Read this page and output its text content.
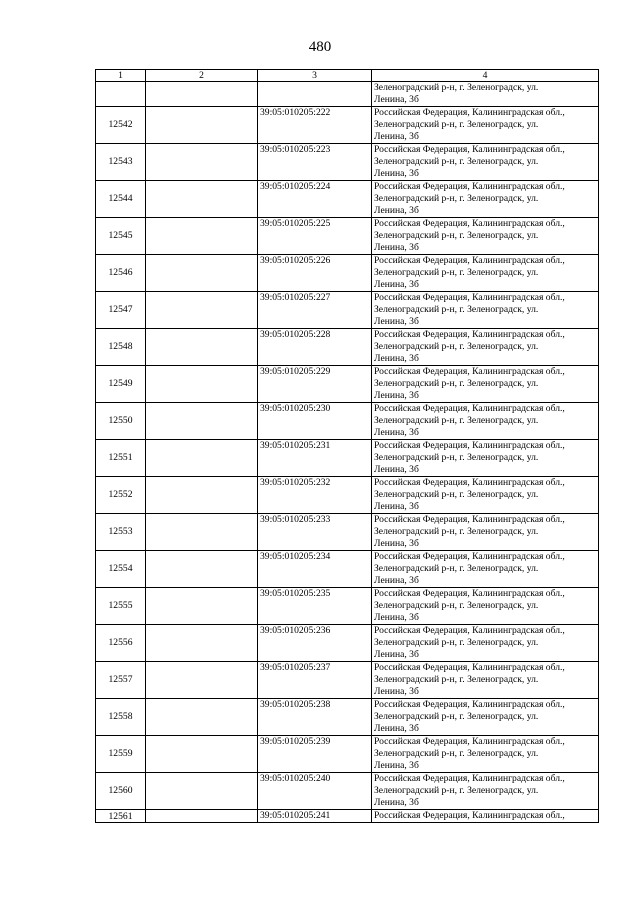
480
1	2	3	4

			Зеленоградский р-н, г. Зеленоградск, ул.
Ленина, 3б

12542		39:05:010205:222	Российская Федерация, Калининградская обл.,
Зеленоградский р-н, г. Зеленоградск, ул.
Ленина, 3б

12543		39:05:010205:223	Российская Федерация, Калининградская обл.,
Зеленоградский р-н, г. Зеленоградск, ул.
Ленина, 3б

12544		39:05:010205:224	Российская Федерация, Калининградская обл.,
Зеленоградский р-н, г. Зеленоградск, ул.
Ленина, 3б

12545		39:05:010205:225	Российская Федерация, Калининградская обл.,
Зеленоградский р-н, г. Зеленоградск, ул.
Ленина, 3б

12546		39:05:010205:226	Российская Федерация, Калининградская обл.,
Зеленоградский р-н, г. Зеленоградск, ул.
Ленина, 3б

12547		39:05:010205:227	Российская Федерация, Калининградская обл.,
Зеленоградский р-н, г. Зеленоградск, ул.
Ленина, 3б

12548		39:05:010205:228	Российская Федерация, Калининградская обл.,
Зеленоградский р-н, г. Зеленоградск, ул.
Ленина, 3б

12549		39:05:010205:229	Российская Федерация, Калининградская обл.,
Зеленоградский р-н, г. Зеленоградск, ул.
Ленина, 3б

12550		39:05:010205:230	Российская Федерация, Калининградская обл.,
Зеленоградский р-н, г. Зеленоградск, ул.
Ленина, 3б

12551		39:05:010205:231	Российская Федерация, Калининградская обл.,
Зеленоградский р-н, г. Зеленоградск, ул.
Ленина, 3б

12552		39:05:010205:232	Российская Федерация, Калининградская обл.,
Зеленоградский р-н, г. Зеленоградск, ул.
Ленина, 3б

12553		39:05:010205:233	Российская Федерация, Калининградская обл.,
Зеленоградский р-н, г. Зеленоградск, ул.
Ленина, 3б

12554		39:05:010205:234	Российская Федерация, Калининградская обл.,
Зеленоградский р-н, г. Зеленоградск, ул.
Ленина, 3б

12555		39:05:010205:235	Российская Федерация, Калининградская обл.,
Зеленоградский р-н, г. Зеленоградск, ул.
Ленина, 3б

12556		39:05:010205:236	Российская Федерация, Калининградская обл.,
Зеленоградский р-н, г. Зеленоградск, ул.
Ленина, 3б

12557		39:05:010205:237	Российская Федерация, Калининградская обл.,
Зеленоградский р-н, г. Зеленоградск, ул.
Ленина, 3б

12558		39:05:010205:238	Российская Федерация, Калининградская обл.,
Зеленоградский р-н, г. Зеленоградск, ул.
Ленина, 3б

12559		39:05:010205:239	Российская Федерация, Калининградская обл.,
Зеленоградский р-н, г. Зеленоградск, ул.
Ленина, 3б

12560		39:05:010205:240	Российская Федерация, Калининградская обл.,
Зеленоградский р-н, г. Зеленоградск, ул.
Ленина, 3б

12561		39:05:010205:241	Российская Федерация, Калининградская обл.,
